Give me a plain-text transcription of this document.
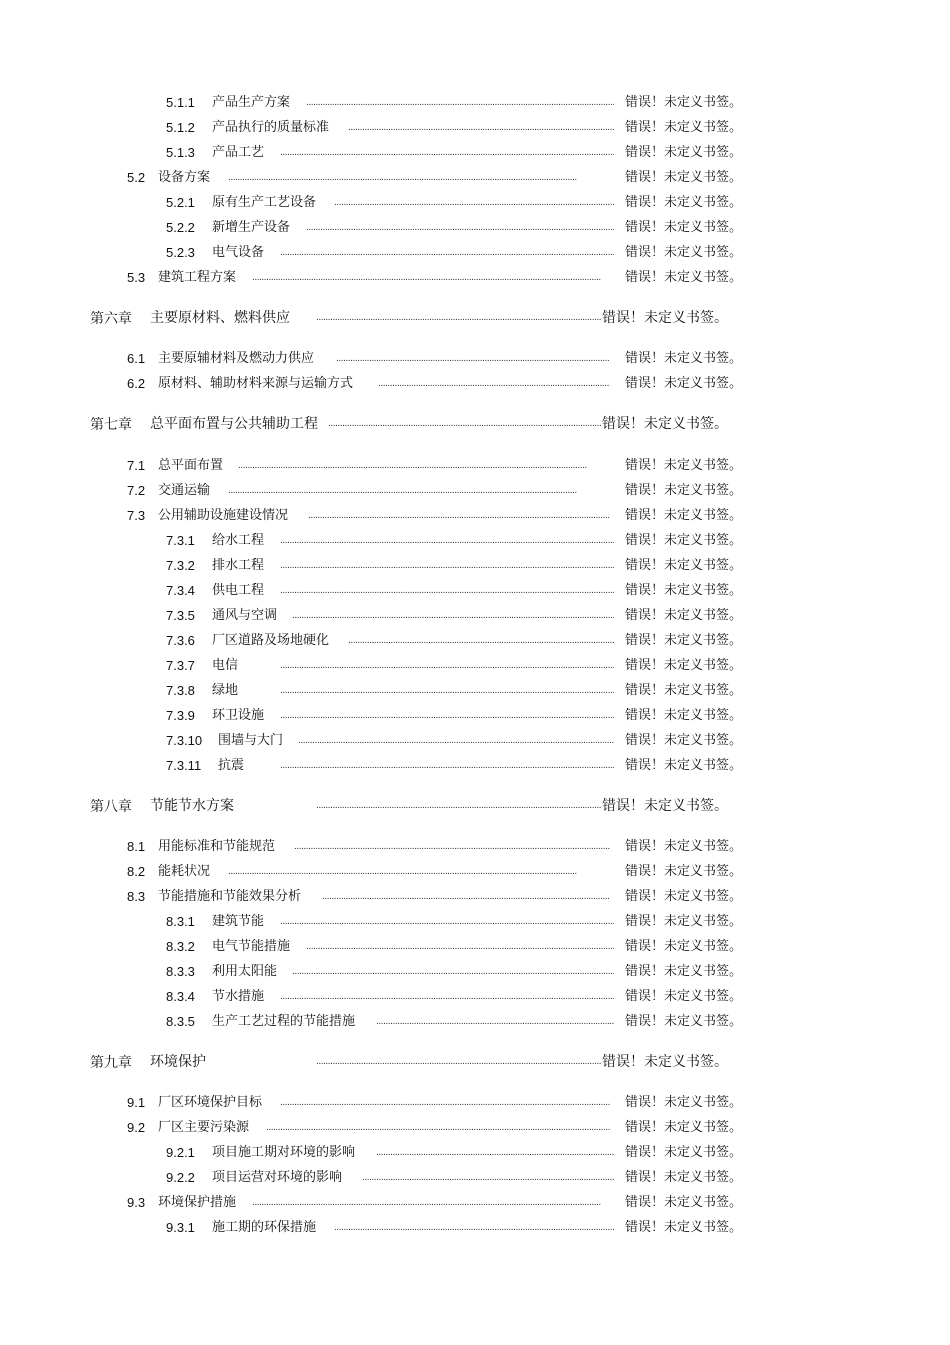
5.1.1 产品生产方案 . . .	错误！未定义书签。
5.1.2 产品执行的质量标准 . . .	错误！未定义书签。
5.1.3 产品工艺 . . .	错误！未定义书签。
5.2 设备方案 . . .	错误！未定义书签。
5.2.1 原有生产工艺设备 . . .	错误！未定义书签。
5.2.2 新增生产设备 . . .	错误！未定义书签。
5.2.3 电气设备 . . .	错误！未定义书签。
5.3 建筑工程方案 . . .	错误！未定义书签。
第六章 主要原材料、燃料供应 . . .	错误！未定义书签。
6.1 主要原辅材料及燃动力供应 . . .	错误！未定义书签。
6.2 原材料、辅助材料来源与运输方式 . . .	错误！未定义书签。
第七章 总平面布置与公共辅助工程 . . .	错误！未定义书签。
7.1 总平面布置 . . .	错误！未定义书签。
7.2 交通运输 . . .	错误！未定义书签。
7.3 公用辅助设施建设情况 . . .	错误！未定义书签。
7.3.1 给水工程 . . .	错误！未定义书签。
7.3.2 排水工程 . . .	错误！未定义书签。
7.3.4 供电工程 . . .	错误！未定义书签。
7.3.5 通风与空调 . . .	错误！未定义书签。
7.3.6 厂区道路及场地硬化 . . .	错误！未定义书签。
7.3.7 电信 . . .	错误！未定义书签。
7.3.8 绿地 . . .	错误！未定义书签。
7.3.9 环卫设施 . . .	错误！未定义书签。
7.3.10 围墙与大门 . . .	错误！未定义书签。
7.3.11 抗震 . . .	错误！未定义书签。
第八章 节能节水方案 . . .	错误！未定义书签。
8.1 用能标准和节能规范 . . .	错误！未定义书签。
8.2 能耗状况 . . .	错误！未定义书签。
8.3 节能措施和节能效果分析 . . .	错误！未定义书签。
8.3.1 建筑节能 . . .	错误！未定义书签。
8.3.2 电气节能措施 . . .	错误！未定义书签。
8.3.3 利用太阳能 . . .	错误！未定义书签。
8.3.4 节水措施 . . .	错误！未定义书签。
8.3.5 生产工艺过程的节能措施 . . .	错误！未定义书签。
第九章 环境保护 . . .	错误！未定义书签。
9.1 厂区环境保护目标 . . .	错误！未定义书签。
9.2 厂区主要污染源 . . .	错误！未定义书签。
9.2.1 项目施工期对环境的影响 . . .	错误！未定义书签。
9.2.2 项目运营对环境的影响 . . .	错误！未定义书签。
9.3 环境保护措施 . . .	错误！未定义书签。
9.3.1 施工期的环保措施 . . .	错误！未定义书签。
